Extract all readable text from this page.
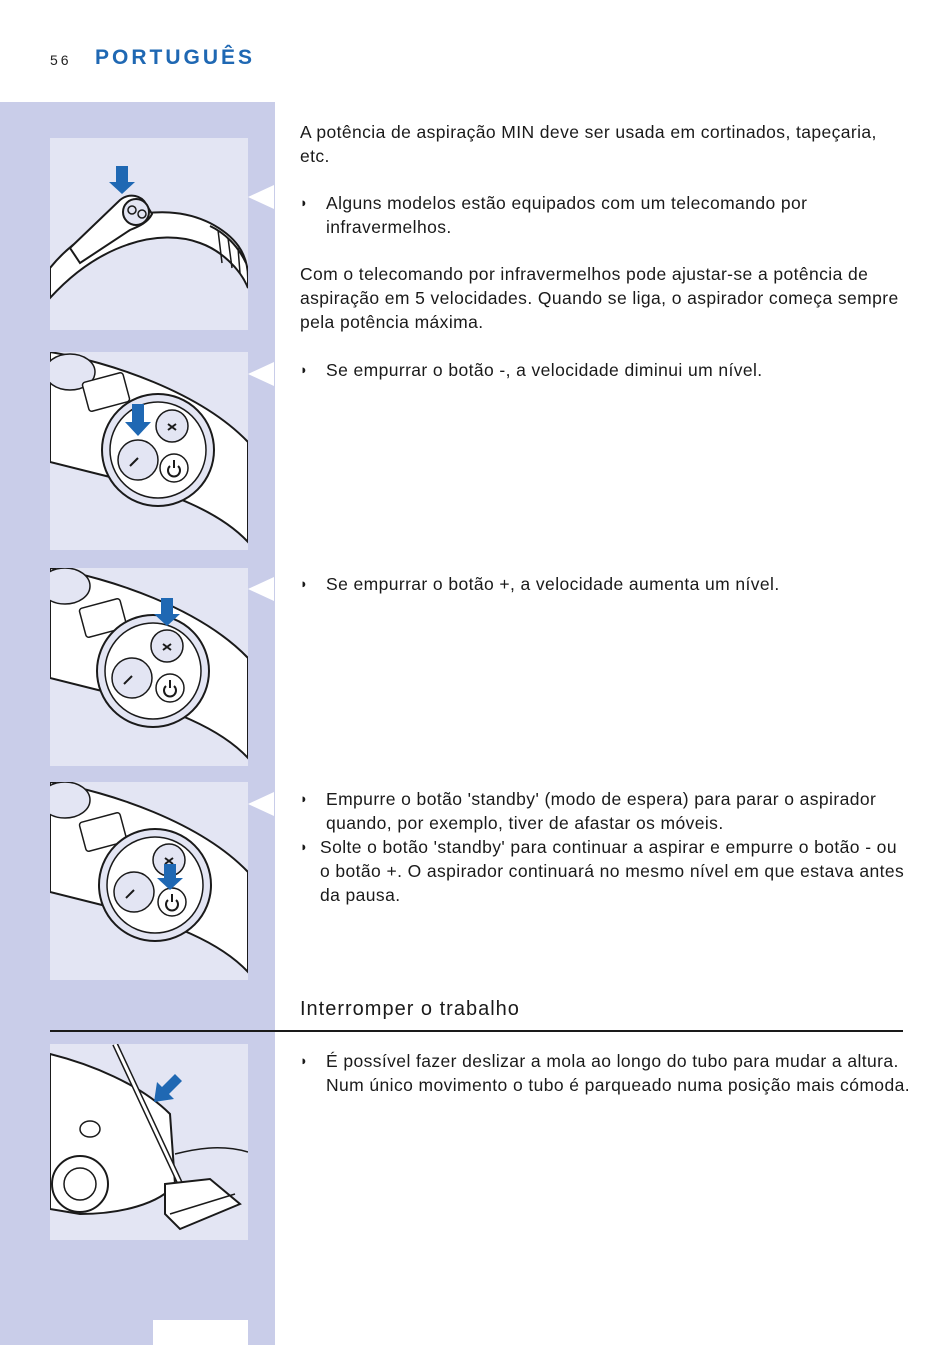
56 PORTUGUÊS

A potência de aspiração MIN deve ser usada em cortinados, tapeçaria, etc.

◗	Alguns modelos estão equipados com um telecomando por infravermelhos.

Com o telecomando por infravermelhos pode ajustar-se a potência de aspiração em 5 velocidades. Quando se liga, o aspirador começa sempre pela potência máxima.

◗	Se empurrar o botão -, a velocidade diminui um nível.
◗	Se empurrar o botão +, a velocidade aumenta um nível.
◗	Empurre o botão 'standby' (modo de espera) para parar o aspirador quando, por exemplo, tiver de afastar os móveis.
◗ Solte o botão 'standby' para continuar a aspirar e empurre o botão - ou o botão +. O aspirador continuará no mesmo nível em que estava antes da pausa.
Interromper o trabalho
◗	É possível fazer deslizar a mola ao longo do tubo para mudar a altura. Num único movimento o tubo é parqueado numa posição mais cómoda.
